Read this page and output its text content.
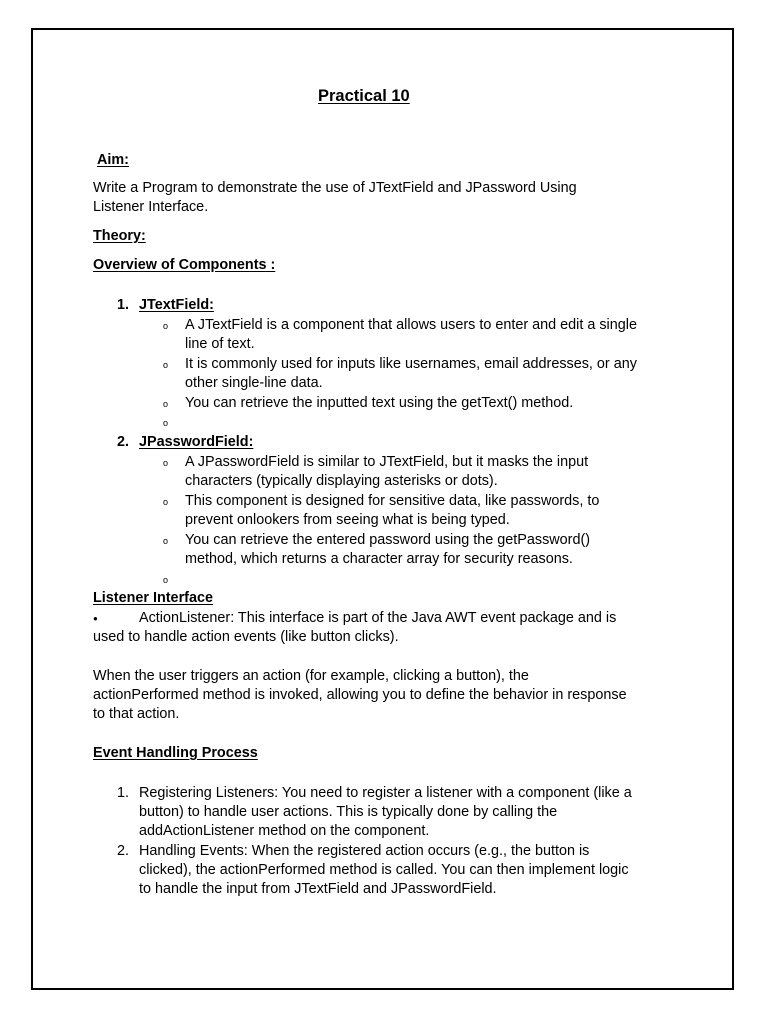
Practical 10
Aim:
Write a Program to demonstrate the use of JTextField and JPassword Using
Listener Interface.
Theory:
Overview of Components :
1. JTextField:
o A JTextField is a component that allows users to enter and edit a single
line of text.
o It is commonly used for inputs like usernames, email addresses, or any
other single-line data.
o You can retrieve the inputted text using the getText() method.
o
2. JPasswordField:
o A JPasswordField is similar to JTextField, but it masks the input
characters (typically displaying asterisks or dots).
o This component is designed for sensitive data, like passwords, to
prevent onlookers from seeing what is being typed.
o You can retrieve the entered password using the getPassword()
method, which returns a character array for security reasons.
o
Listener Interface
●	ActionListener: This interface is part of the Java AWT event package and is
used to handle action events (like button clicks).
When the user triggers an action (for example, clicking a button), the
actionPerformed method is invoked, allowing you to define the behavior in response
to that action.
Event Handling Process
1. Registering Listeners: You need to register a listener with a component (like a
button) to handle user actions. This is typically done by calling the
addActionListener method on the component.
2. Handling Events: When the registered action occurs (e.g., the button is
clicked), the actionPerformed method is called. You can then implement logic
to handle the input from JTextField and JPasswordField.
